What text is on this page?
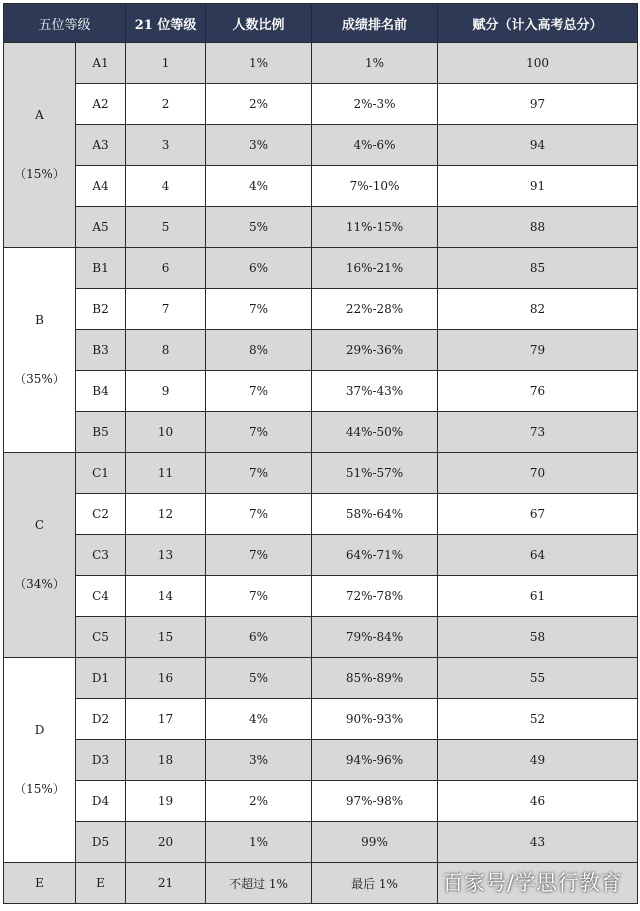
五位等级		21 位等级	人数比例	成绩排名前	赋分（计入高考总分）

A
（15%）	A1	1	1%	1%	100
	A2	2	2%	2%-3%	97
	A3	3	3%	4%-6%	94
	A4	4	4%	7%-10%	91
	A5	5	5%	11%-15%	88

B
（35%）	B1	6	6%	16%-21%	85
	B2	7	7%	22%-28%	82
	B3	8	8%	29%-36%	79
	B4	9	7%	37%-43%	76
	B5	10	7%	44%-50%	73

C
（34%）	C1	11	7%	51%-57%	70
	C2	12	7%	58%-64%	67
	C3	13	7%	64%-71%	64
	C4	14	7%	72%-78%	61
	C5	15	6%	79%-84%	58

D
（15%）	D1	16	5%	85%-89%	55
	D2	17	4%	90%-93%	52
	D3	18	3%	94%-96%	49
	D4	19	2%	97%-98%	46
	D5	20	1%	99%	43
E	E	21	不超过 1%	最后 1%	百家号/学思行教育
